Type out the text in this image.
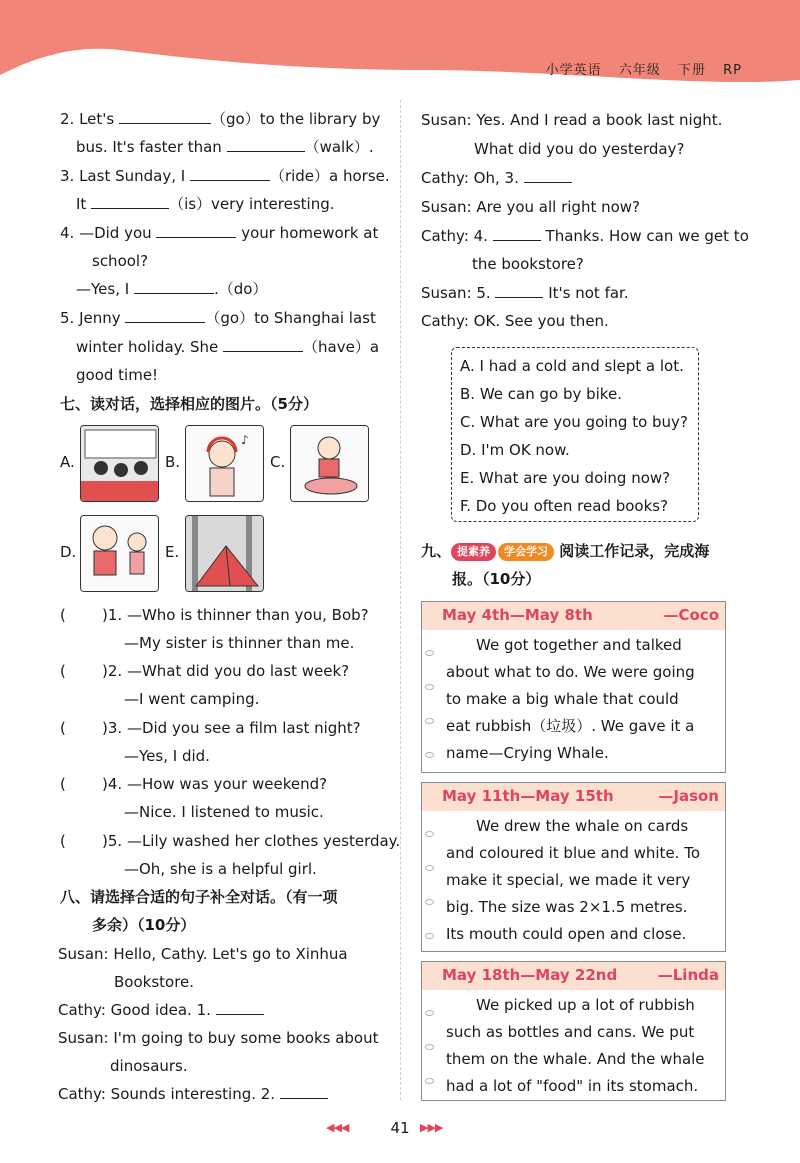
小学英语 六年级 下册 RP
2. Let's	（go）to the library by
bus. It's faster than	（walk）.
3. Last Sunday, I	（ride）a horse.
It	（is）very interesting.
4. —Did you	your homework at
school?
—Yes, I	.（do）
5. Jenny	（go）to Shanghai last
winter holiday. She	（have）a
good time!
七、读对话，选择相应的图片。（5分）
A.	B.
♪
C.
D.	E.
( )1. —Who is thinner than you, Bob?
—My sister is thinner than me.
( )2. —What did you do last week?
—I went camping.
( )3. —Did you see a film last night?
—Yes, I did.
( )4. —How was your weekend?
—Nice. I listened to music.
( )5. —Lily washed her clothes yesterday.
—Oh, she is a helpful girl.
八、请选择合适的句子补全对话。（有一项
多余）（10分）
Susan: Hello, Cathy. Let's go to Xinhua
Bookstore.
Cathy: Good idea. 1.
Susan: I'm going to buy some books about
dinosaurs.
Cathy: Sounds interesting. 2.
Susan: Yes. And I read a book last night.
What did you do yesterday?
Cathy: Oh, 3.
Susan: Are you all right now?
Cathy: 4.	Thanks. How can we get to
the bookstore?
Susan: 5.	It's not far.
Cathy: OK. See you then.
A. I had a cold and slept a lot.
B. We can go by bike.
C. What are you going to buy?
D. I'm OK now.
E. What are you doing now?
F. Do you often read books?
九、 提素养 学会学习 阅读工作记录，完成海
报。（10分）
May 4th—May 8th	—Coco

We got together and talked

about what to do. We were going

to make a big whale that could

eat rubbish（垃圾）. We gave it a

name—Crying Whale.

May 11th—May 15th	—Jason

We drew the whale on cards

and coloured it blue and white. To

make it special, we made it very

big. The size was 2×1.5 metres.

Its mouth could open and close.

May 18th—May 22nd	—Linda

We picked up a lot of rubbish

such as bottles and cans. We put

them on the whale. And the whale

had a lot of "food" in its stomach.

◀◀◀	41 ▶▶▶
